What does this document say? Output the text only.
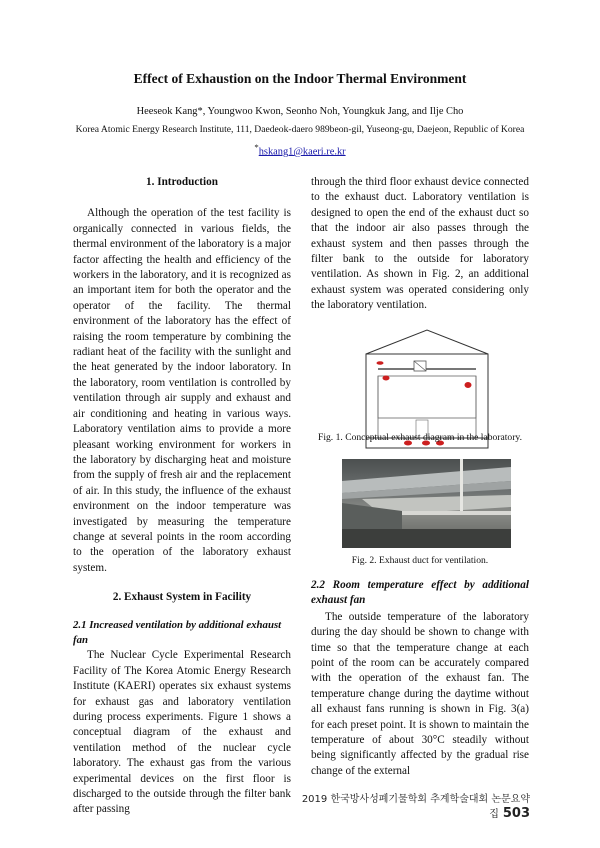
Effect of Exhaustion on the Indoor Thermal Environment
Heeseok Kang*, Youngwoo Kwon, Seonho Noh, Youngkuk Jang, and Ilje Cho
Korea Atomic Energy Research Institute, 111, Daedeok-daero 989beon-gil, Yuseong-gu, Daejeon, Republic of Korea
*hskang1@kaeri.re.kr
1. Introduction

Although the operation of the test facility is organically connected in various fields, the thermal environment of the laboratory is a major factor affecting the health and efficiency of the workers in the laboratory, and it is recognized as an important item for both the operator and the operator of the facility. The thermal environment of the laboratory has the effect of raising the room temperature by combining the radiant heat of the facility with the sunlight and the heat generated by the indoor laboratory. In the laboratory, room ventilation is controlled by ventilation through air supply and exhaust and air conditioning and heating in various ways. Laboratory ventilation aims to provide a more pleasant working environment for workers in the laboratory by discharging heat and moisture from the supply of fresh air and the replacement of air. In this study, the influence of the exhaust environment on the indoor temperature was investigated by measuring the temperature change at several points in the room according to the operation of the laboratory exhaust system.

2. Exhaust System in Facility
2.1 Increased ventilation by additional exhaust fan

The Nuclear Cycle Experimental Research Facility of The Korea Atomic Energy Research Institute (KAERI) operates six exhaust systems for exhaust gas and laboratory ventilation during process experiments. Figure 1 shows a conceptual diagram of the exhaust and ventilation method of the nuclear cycle laboratory. The exhaust gas from the various experimental devices on the first floor is discharged to the outside through the filter bank after passing

through the third floor exhaust device connected to the exhaust duct. Laboratory ventilation is designed to open the end of the exhaust duct so that the indoor air also passes through the exhaust system and then passes through the filter bank to the outside for laboratory ventilation. As shown in Fig. 2, an additional exhaust system was operated considering only the laboratory ventilation.

Fig. 1. Conceptual exhaust diagram in the laboratory.
Fig. 2. Exhaust duct for ventilation.
2.2 Room temperature effect by additional exhaust fan

The outside temperature of the laboratory during the day should be shown to change with time so that the temperature change at each point of the room can be accurately compared with the operation of the exhaust fan. The temperature change during the daytime without all exhaust fans running is shown in Fig. 3(a) for each preset point. It is shown to maintain the temperature of about 30°C steadily without being significantly affected by the gradual rise change of the external

2019 한국방사성폐기물학회 추계학술대회 논문요약집 503
